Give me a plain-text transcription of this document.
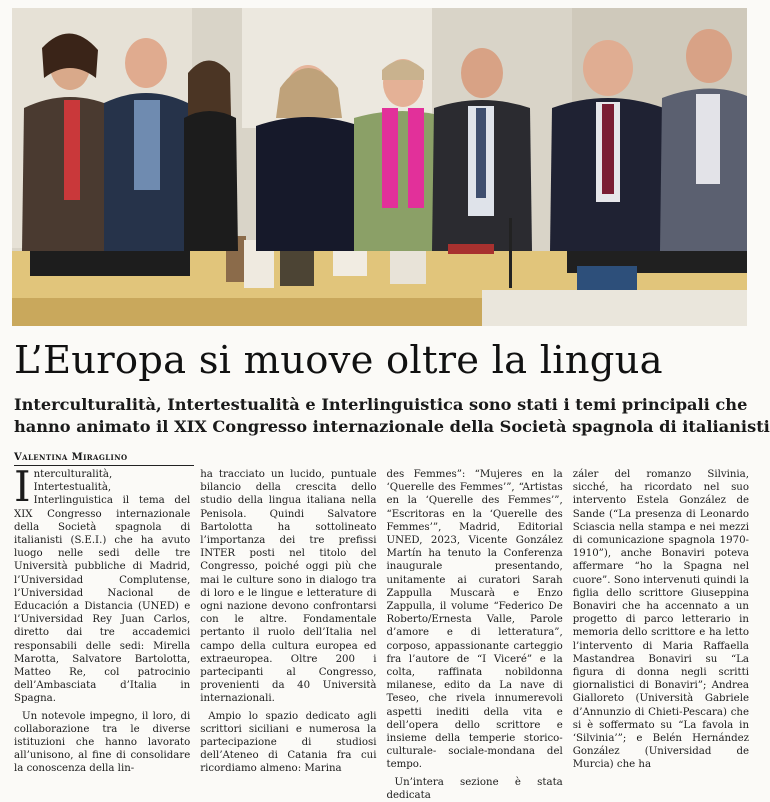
L’Europa si muove oltre la lingua
Interculturalità, Intertestualità e Interlinguistica sono stati i temi principali che
hanno animato il XIX Congresso internazionale della Società spagnola di italianisti
Valentina Miraglino

Interculturalità, Intertestualità, Interlinguistica il tema del XIX Congresso internazionale della Società spagnola di italianisti (S.E.I.) che ha avuto luogo nelle sedi delle tre Università pubbliche di Madrid, l’Universidad Complutense, l’Universidad Nacional de Educación a Distancia (UNED) e l’Universidad Rey Juan Carlos, diretto dai tre accademici responsabili delle sedi: Mirella Marotta, Salvatore Bartolotta, Matteo Re, col patrocinio dell’Ambasciata d’Italia in Spagna.

Un notevole impegno, il loro, di collaborazione tra le diverse istituzioni che hanno lavorato all’unisono, al fine di consolidare la conoscenza della lin-

ha tracciato un lucido, puntuale bilancio della crescita dello studio della lingua italiana nella Penisola. Quindi Salvatore Bartolotta ha sottolineato l’importanza dei tre prefissi INTER posti nel titolo del Congresso, poiché oggi più che mai le culture sono in dialogo tra di loro e le lingue e letterature di ogni nazione devono confrontarsi con le altre. Fondamentale pertanto il ruolo dell’Italia nel campo della cultura europea ed extraeuropea. Oltre 200 i partecipanti al Congresso, provenienti da 40 Università internazionali.

Ampio lo spazio dedicato agli scrittori siciliani e numerosa la partecipazione di studiosi dell’Ateneo di Catania fra cui ricordiamo almeno: Marina

des Femmes”: “Mujeres en la ‘Querelle des Femmes’”, “Artistas en la ‘Querelle des Femmes’”, “Escritoras en la ‘Querelle des Femmes’”, Madrid, Editorial UNED, 2023, Vicente González Martín ha tenuto la Conferenza inaugurale presentando, unitamente ai curatori Sarah Zappulla Muscarà e Enzo Zappulla, il volume “Federico De Roberto/Ernesta Valle, Parole d’amore e di letteratura”, corposo, appassionante carteggio fra l’autore de “I Viceré” e la colta, raffinata nobildonna milanese, edito da La nave di Teseo, che rivela innumerevoli aspetti inediti della vita e dell’opera dello scrittore e insieme della temperie storico-culturale- sociale-mondana del tempo.

Un’intera sezione è stata dedicata

záler del romanzo Silvinia, sicché, ha ricordato nel suo intervento Estela González de Sande (“La presenza di Leonardo Sciascia nella stampa e nei mezzi di comunicazione spagnola 1970-1910”), anche Bonaviri poteva affermare “ho la Spagna nel cuore”. Sono intervenuti quindi la figlia dello scrittore Giuseppina Bonaviri che ha accennato a un progetto di parco letterario in memoria dello scrittore e ha letto l’intervento di Maria Raffaella Mastandrea Bonaviri su “La figura di donna negli scritti giornalistici di Bonaviri”; Andrea Gialloreto (Università Gabriele d’Annunzio di Chieti-Pescara) che si è soffermato su “La favola in ‘Silvinia’”; e Belén Hernández González (Universidad de Murcia) che ha
